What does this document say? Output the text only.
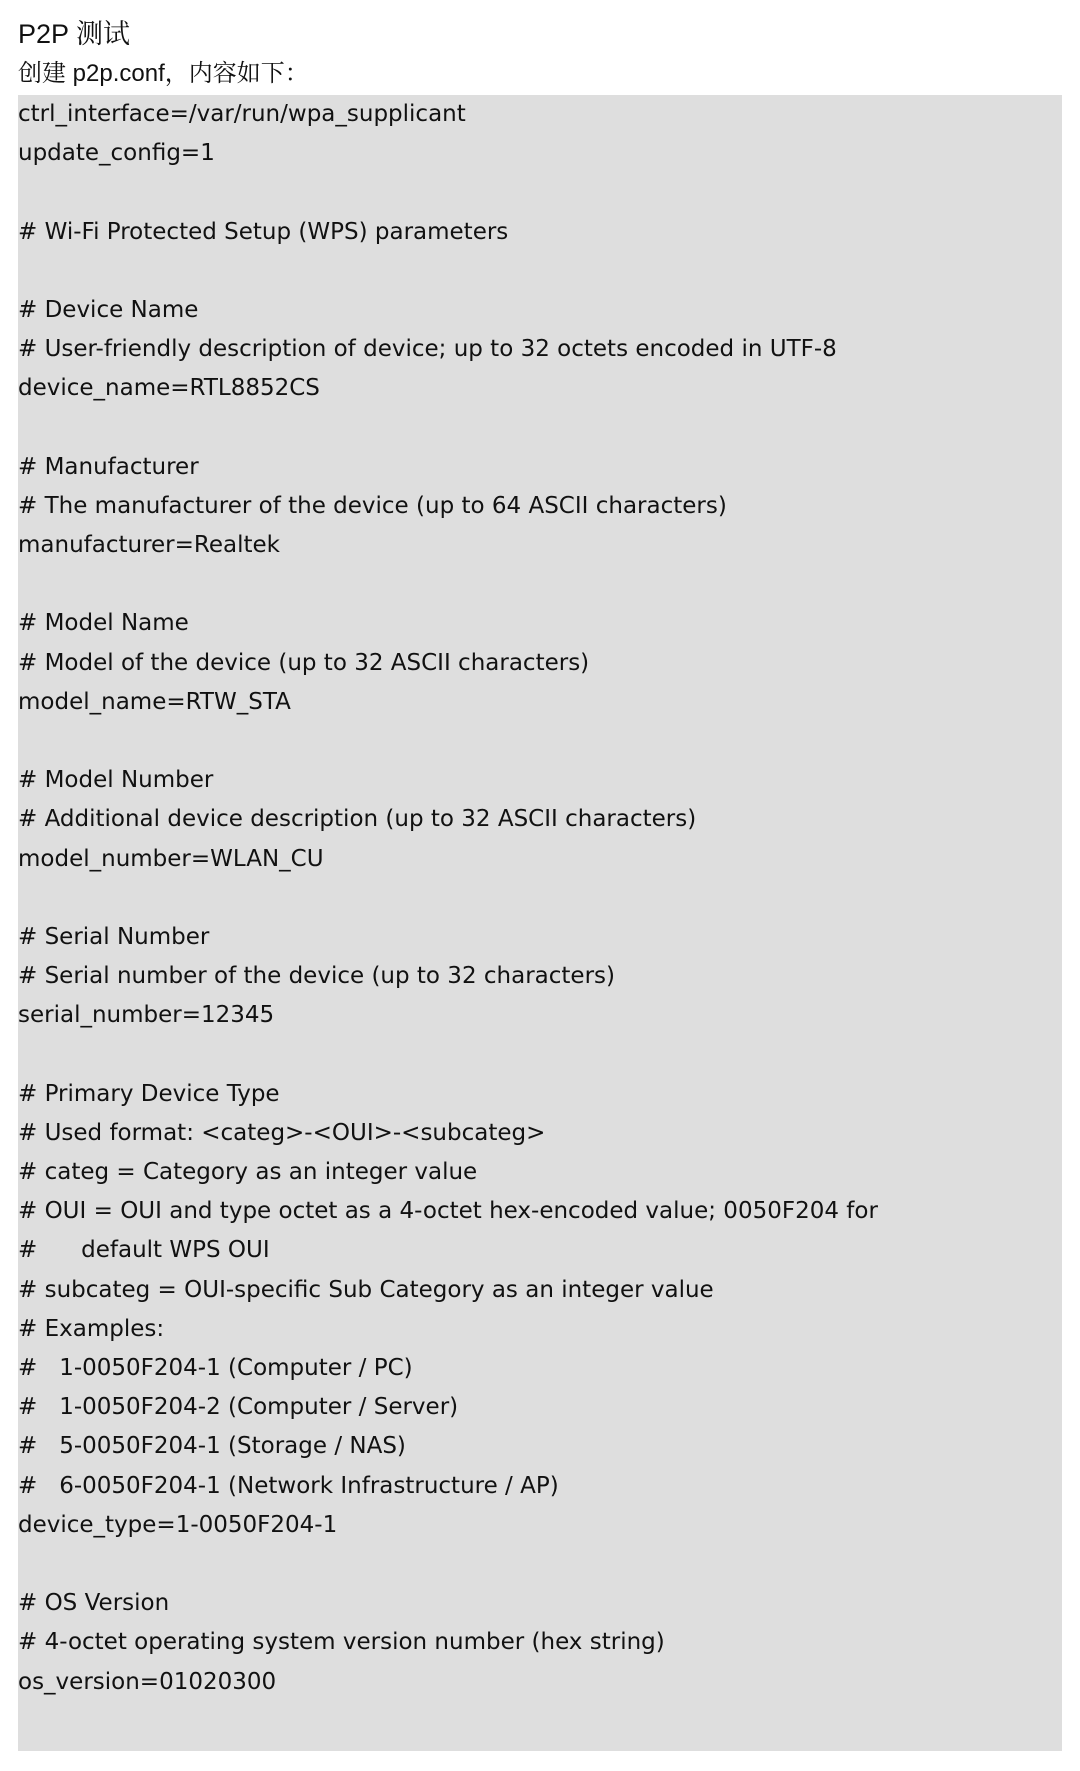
P2P 测试

创建 p2p.conf，内容如下：

ctrl_interface=/var/run/wpa_supplicant
update_config=1
# Wi-Fi Protected Setup (WPS) parameters
# Device Name
# User-friendly description of device; up to 32 octets encoded in UTF-8
device_name=RTL8852CS
# Manufacturer
# The manufacturer of the device (up to 64 ASCII characters)
manufacturer=Realtek
# Model Name
# Model of the device (up to 32 ASCII characters)
model_name=RTW_STA
# Model Number
# Additional device description (up to 32 ASCII characters)
model_number=WLAN_CU
# Serial Number
# Serial number of the device (up to 32 characters)
serial_number=12345
# Primary Device Type
# Used format: <categ>-<OUI>-<subcateg>
# categ = Category as an integer value
# OUI = OUI and type octet as a 4-octet hex-encoded value; 0050F204 for
#      default WPS OUI
# subcateg = OUI-specific Sub Category as an integer value
# Examples:
#   1-0050F204-1 (Computer / PC)
#   1-0050F204-2 (Computer / Server)
#   5-0050F204-1 (Storage / NAS)
#   6-0050F204-1 (Network Infrastructure / AP)
device_type=1-0050F204-1
# OS Version
# 4-octet operating system version number (hex string)
os_version=01020300
